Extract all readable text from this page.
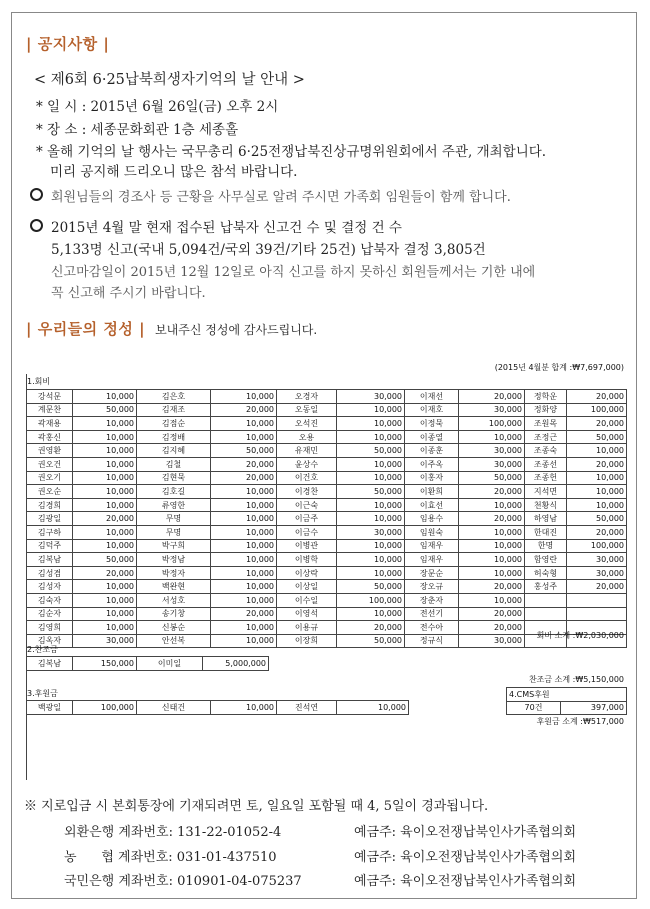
| 공지사항 |
< 제6회 6·25납북희생자기억의 날 안내 >
* 일 시 : 2015년 6월 26일(금) 오후 2시
* 장 소 : 세종문화회관 1층 세종홀
* 올해 기억의 날 행사는 국무총리 6·25전쟁납북진상규명위원회에서 주관, 개최합니다.
미리 공지해 드리오니 많은 참석 바랍니다.
회원님들의 경조사 등 근황을 사무실로 알려 주시면 가족회 임원들이 함께 합니다.
2015년 4월 말 현재 접수된 납북자 신고건 수 및 결정 건 수
5,133명 신고(국내 5,094건/국외 39건/기타 25건) 납북자 결정 3,805건
신고마감일이 2015년 12월 12일로 아직 신고를 하지 못하신 회원들께서는 기한 내에
꼭 신고해 주시기 바랍니다.
| 우리들의 정성 | 보내주신 정성에 감사드립니다.
(2015년 4월분 합계 :₩7,697,000)
1.회비
강석문	10,000	김은호	10,000	오경자	30,000	이재선	20,000	정학운	20,000
계문찬	50,000	김재조	20,000	오동일	10,000	이재호	30,000	정화양	100,000
곽재용	10,000	김점순	10,000	오석진	10,000	이정묵	100,000	조원목	20,000
곽홍신	10,000	김정배	10,000	오용	10,000	이종열	10,000	조정근	50,000
권영환	10,000	김지혜	50,000	유재민	50,000	이종훈	30,000	조종숙	10,000
권오건	10,000	김철	20,000	윤상수	10,000	이주옥	30,000	조종선	20,000
권오기	10,000	김현묵	20,000	이건호	10,000	이홍자	50,000	조종헌	10,000
권오순	10,000	김호길	10,000	이경찬	50,000	이환희	20,000	지석면	10,000
김경희	10,000	류영한	10,000	이근숙	10,000	이효선	10,000	천황식	10,000
김광일	20,000	무명	10,000	이금주	10,000	임용수	20,000	하영남	50,000
김구하	10,000	무명	10,000	이금수	30,000	임원숙	10,000	한대진	20,000
김덕주	10,000	박구희	10,000	이병관	10,000	임재우	10,000	한명	100,000
김복남	50,000	박정남	10,000	이병학	10,000	임재우	10,000	함영란	30,000
김성겸	20,000	박정자	10,000	이상락	10,000	장문순	10,000	허숙형	30,000
김성자	10,000	백완현	10,000	이상일	50,000	장오규	20,000	홍성주	20,000
김숙자	10,000	서성호	10,000	이수일	100,000	장춘자	10,000		
김순자	10,000	송기창	20,000	이영석	10,000	전선기	20,000		
김영희	10,000	신봉순	10,000	이용규	20,000	전수아	20,000		
김옥자	30,000	안선복	10,000	이장희	50,000	정규식	30,000		
회비 소계 :₩2,030,000
2.찬조금
김복남	150,000	이미일	5,000,000
찬조금 소계 :₩5,150,000
3.후원금
백광일	100,000	신태건	10,000	진석연	10,000
4.CMS후원
70건	397,000
후원금 소계 :₩517,000
※ 지로입금 시 본회통장에 기재되려면 토, 일요일 포함될 때 4, 5일이 경과됩니다.
외환은행 계좌번호: 131-22-01052-4	예금주: 육이오전쟁납북인사가족협의회
농      협 계좌번호: 031-01-437510	예금주: 육이오전쟁납북인사가족협의회
국민은행 계좌번호: 010901-04-075237	예금주: 육이오전쟁납북인사가족협의회
